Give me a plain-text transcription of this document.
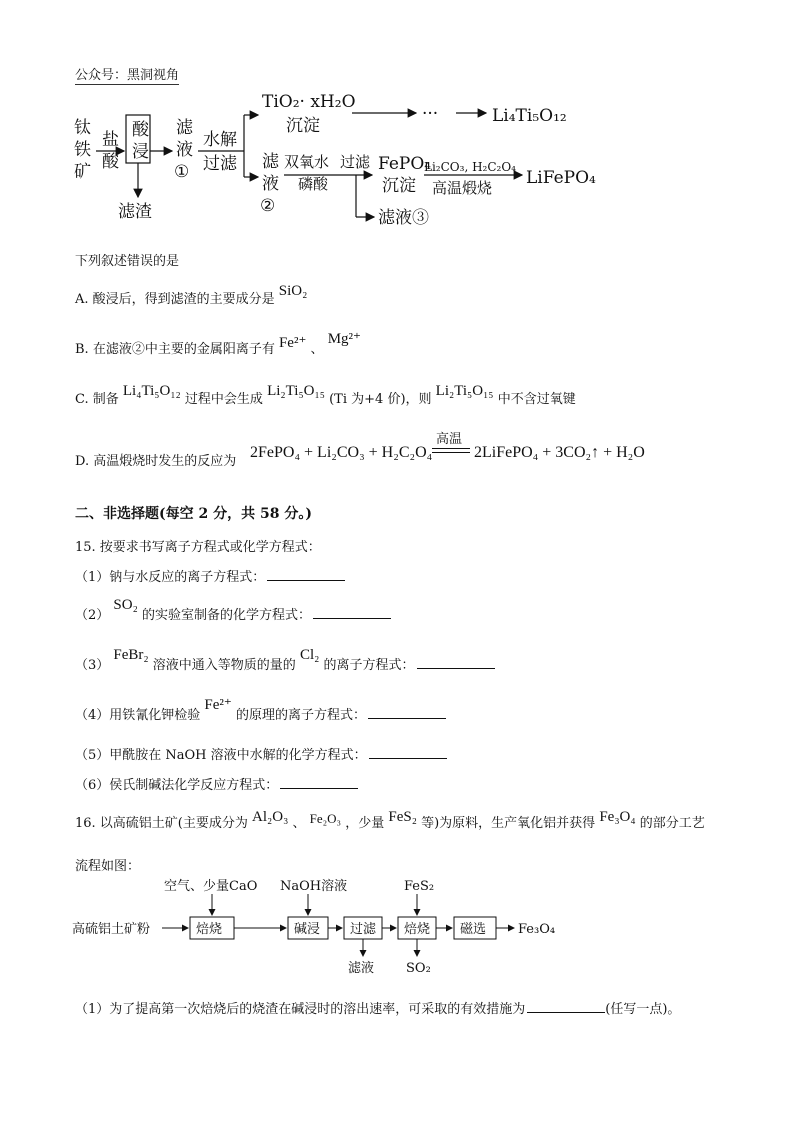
公众号：黑洞视角
钛
铁
矿
盐
酸
酸
浸
滤渣
滤
液
①
水解
过滤
TiO₂· xH₂O
沉淀
···	Li₄Ti₅O₁₂
滤
液
②
双氧水
磷酸
过滤 FePO₄
沉淀
Li₂CO₃, H₂C₂O₄
高温煅烧 LiFePO₄
滤液③
下列叙述错误的是
A. 酸浸后，得到滤渣的主要成分是 SiO₂
B. 在滤液②中主要的金属阳离子有 Fe²⁺ 、 Mg²⁺
C. 制备 Li₄Ti₅O₁₂ 过程中会生成 Li₂Ti₅O₁₅ (Ti 为+4 价)，则 Li₂Ti₅O₁₅ 中不含过氧键
D. 高温煅烧时发生的反应为
2FePO₄ + Li₂CO₃ + H₂C₂O₄
高温
2LiFePO₄ + 3CO₂↑ + H₂O
二、非选择题(每空 2 分，共 58 分。)
15. 按要求书写离子方程式或化学方程式：
（1）钠与水反应的离子方程式：
（2） SO₂ 的实验室制备的化学方程式：
（3） FeBr₂ 溶液中通入等物质的量的 Cl₂ 的离子方程式：
（4）用铁氰化钾检验 Fe²⁺ 的原理的离子方程式：
（5）甲酰胺在 NaOH 溶液中水解的化学方程式：
（6）侯氏制碱法化学反应方程式：
16. 以高硫铝土矿(主要成分为 Al₂O₃ 、 Fe₂O₃ ，少量 FeS₂ 等)为原料，生产氧化铝并获得 Fe₃O₄ 的部分工艺
流程如图：
空气、少量CaO NaOH溶液	FeS₂
高硫铝土矿粉	焙烧	碱浸 过滤 焙烧 磁选 Fe₃O₄
滤液 SO₂
（1）为了提高第一次焙烧后的烧渣在碱浸时的溶出速率，可采取的有效措施为	(任写一点)。
